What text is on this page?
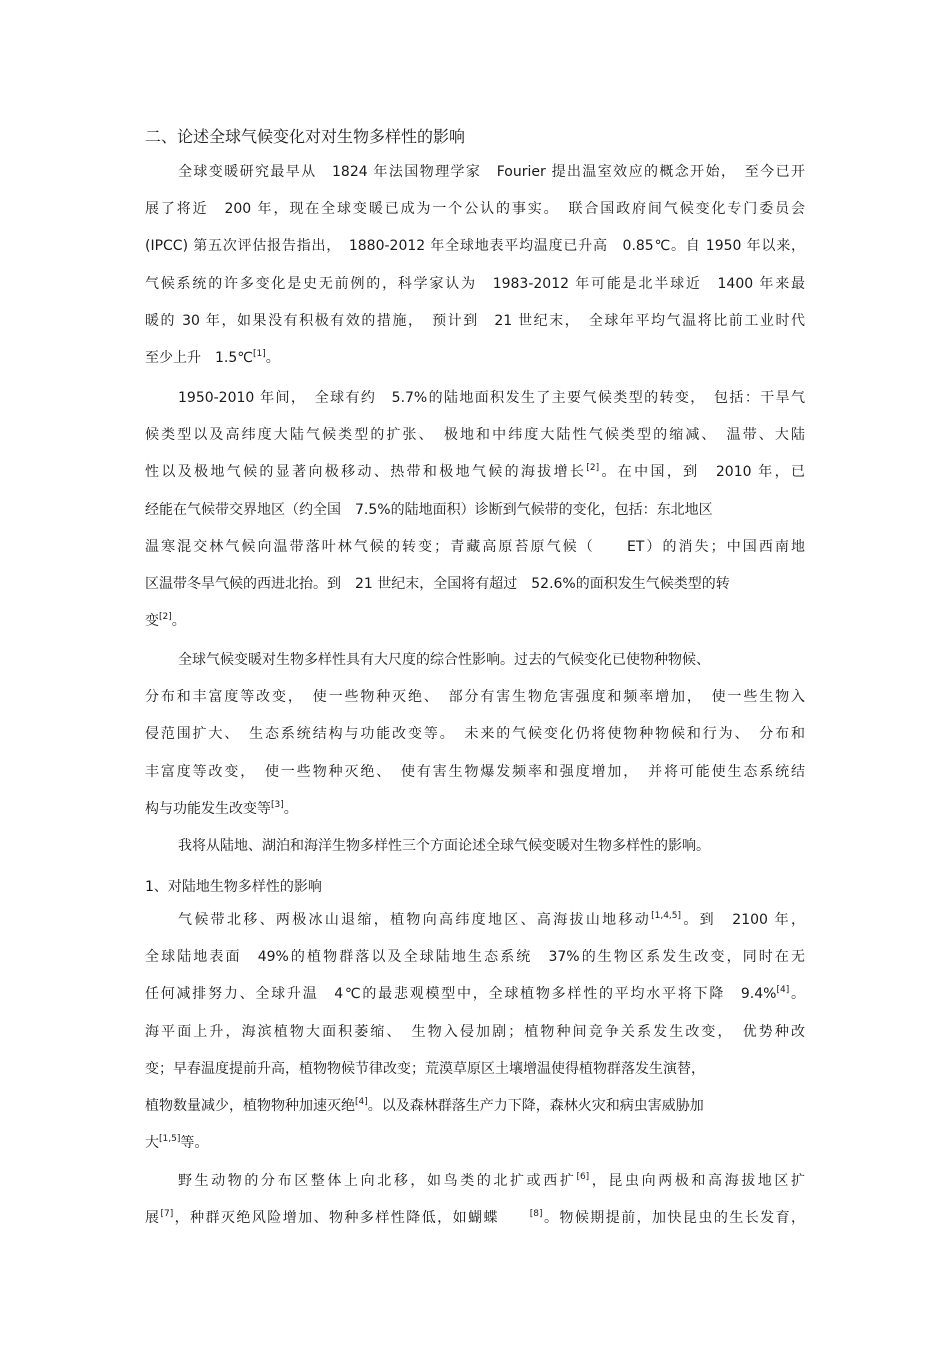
二、论述全球气候变化对对生物多样性的影响
全球变暖研究最早从　1824 年法国物理学家　Fourier 提出温室效应的概念开始，　至今已开
展了将近　200 年，现在全球变暖已成为一个公认的事实。　联合国政府间气候变化专门委员会
(IPCC) 第五次评估报告指出，　1880-2012 年全球地表平均温度已升高　0.85℃。自 1950 年以来，
气候系统的许多变化是史无前例的，科学家认为　1983-2012 年可能是北半球近　1400 年来最
暖的 30 年，如果没有积极有效的措施，　预计到　21 世纪末，　全球年平均气温将比前工业时代
至少上升　1.5℃[1]。
1950-2010 年间，　全球有约　5.7%的陆地面积发生了主要气候类型的转变，　包括：干旱气
候类型以及高纬度大陆气候类型的扩张、　极地和中纬度大陆性气候类型的缩减、　温带、大陆
性以及极地气候的显著向极移动、热带和极地气候的海拔增长[2]。在中国，到　2010 年，已
经能在气候带交界地区（约全国　7.5%的陆地面积）诊断到气候带的变化，包括：东北地区
温寒混交林气候向温带落叶林气候的转变；青藏高原苔原气候（　　ET）的消失；中国西南地
区温带冬旱气候的西进北抬。到　21 世纪末，全国将有超过　52.6%的面积发生气候类型的转
变[2]。
全球气候变暖对生物多样性具有大尺度的综合性影响。过去的气候变化已使物种物候、
分布和丰富度等改变，　使一些物种灭绝、　部分有害生物危害强度和频率增加，　使一些生物入
侵范围扩大、　生态系统结构与功能改变等。　未来的气候变化仍将使物种物候和行为、　分布和
丰富度等改变，　使一些物种灭绝、　使有害生物爆发频率和强度增加，　并将可能使生态系统结
构与功能发生改变等[3]。
我将从陆地、湖泊和海洋生物多样性三个方面论述全球气候变暖对生物多样性的影响。
1、对陆地生物多样性的影响
气候带北移、两极冰山退缩，植物向高纬度地区、高海拔山地移动[1,4,5]。到　2100 年，
全球陆地表面　49%的植物群落以及全球陆地生态系统　37%的生物区系发生改变，同时在无
任何减排努力、全球升温　4℃的最悲观模型中，全球植物多样性的平均水平将下降　9.4%[4]。
海平面上升，海滨植物大面积萎缩、　生物入侵加剧；植物种间竞争关系发生改变，　优势种改
变；早春温度提前升高，植物物候节律改变；荒漠草原区土壤增温使得植物群落发生演替，
植物数量减少，植物物种加速灭绝[4]。以及森林群落生产力下降，森林火灾和病虫害威胁加
大[1,5]等。
野生动物的分布区整体上向北移，如鸟类的北扩或西扩[6]，昆虫向两极和高海拔地区扩
展[7]，种群灭绝风险增加、物种多样性降低，如蝴蝶　　[8]。物候期提前，加快昆虫的生长发育，
